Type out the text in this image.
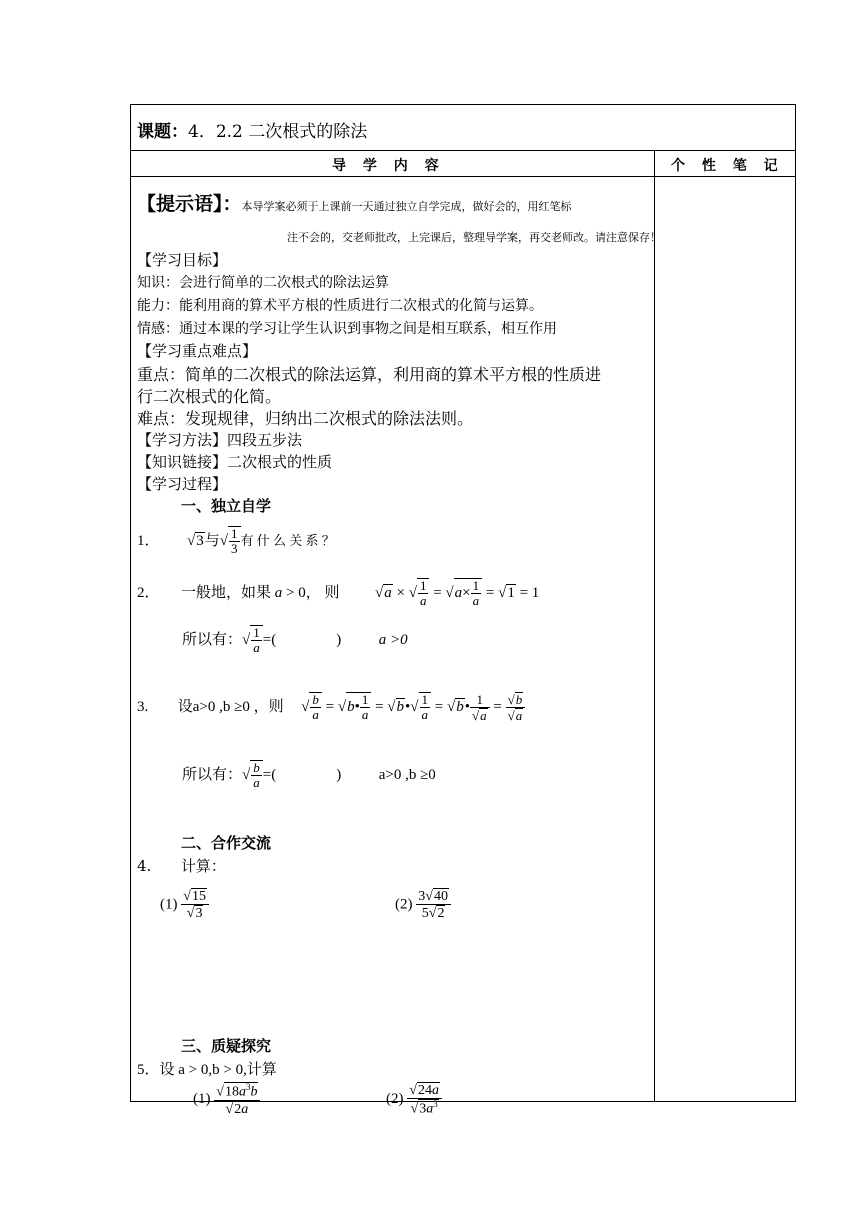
课题：4．2.2 二次根式的除法
导 学 内 容	个 性 笔 记
【提示语】：本导学案必须于上课前一天通过独立自学完成，做好会的，用红笔标
注不会的，交老师批改，上完课后，整理导学案，再交老师改。请注意保存！
【学习目标】
知识：会进行简单的二次根式的除法运算
能力：能利用商的算术平方根的性质进行二次根式的化简与运算。
情感：通过本课的学习让学生认识到事物之间是相互联系，相互作用
【学习重点难点】
重点：简单的二次根式的除法运算，利用商的算术平方根的性质进
行二次根式的化简。
难点：发现规律，归纳出二次根式的除法法则。
【学习方法】四段五步法
【知识链接】二次根式的性质
【学习过程】
一、独立自学
1． √3与√ $\frac{1}{3}$ 有 什 么 关 系 ？
2． 一般地，如果 a > 0， 则 √a × √ $\frac{1}{a} = √a\times \frac{1}{a} = √1 = 1$
所以有：√ $\frac{1}{a}$ =(                )	a >0
3. 设a>0 ,b ≥0 ，则 √ $\frac{b}{a}$ = √b• $\frac{1}{a}$ = √b•√ $\frac{1}{a}$ = √b• $\frac{1}{√a} = \frac{√b}{√a}$
所以有：√ $\frac{b}{a}$ =(                )	a>0 ,b ≥0
二、合作交流
4. 计算：
$(1) \frac{√15}{√3}$	$(2) \frac{3√40}{5√2}$
三、质疑探究
5．设 a > 0,b > 0,计算
$(1) \frac{√18a^3b}{√2a}$	$(2) \frac{√24a}{√3a^3}$
